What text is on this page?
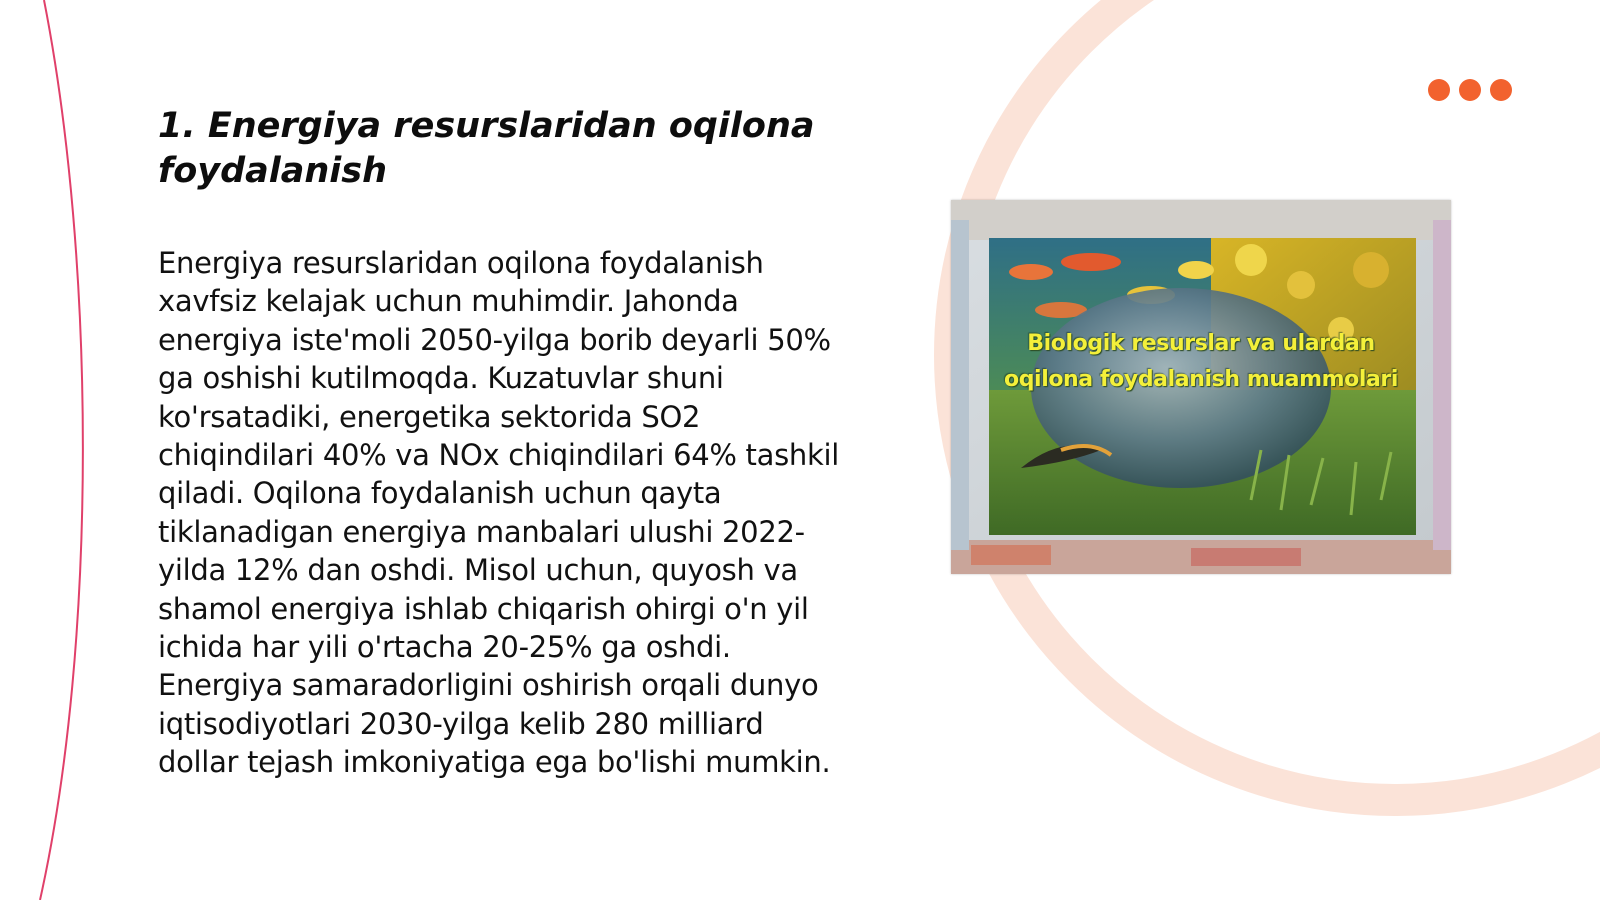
1. Energiya resurslaridan oqilona foydalanish

Energiya resurslaridan oqilona foydalanish xavfsiz kelajak uchun muhimdir. Jahonda energiya iste'moli 2050-yilga borib deyarli 50% ga oshishi kutilmoqda. Kuzatuvlar shuni ko'rsatadiki, energetika sektorida SO2 chiqindilari 40% va NOx chiqindilari 64% tashkil qiladi. Oqilona foydalanish uchun qayta tiklanadigan energiya manbalari ulushi 2022-yilda 12% dan oshdi. Misol uchun, quyosh va shamol energiya ishlab chiqarish ohirgi o'n yil ichida har yili o'rtacha 20-25% ga oshdi. Energiya samaradorligini oshirish orqali dunyo iqtisodiyotlari 2030-yilga kelib 280 milliard dollar tejash imkoniyatiga ega bo'lishi mumkin.

Biologik resurslar va ulardan
oqilona foydalanish muammolari
